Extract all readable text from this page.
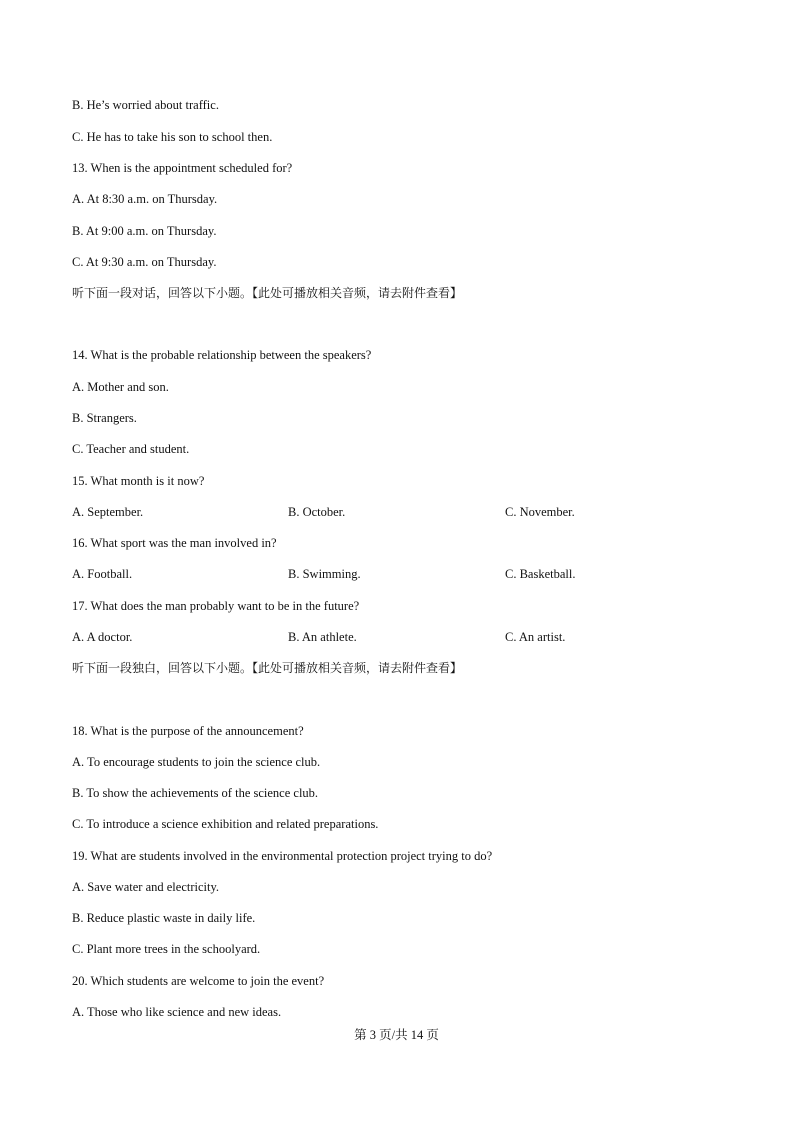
B. He’s worried about traffic.
C. He has to take his son to school then.
13. When is the appointment scheduled for?
A. At 8:30 a.m. on Thursday.
B. At 9:00 a.m. on Thursday.
C. At 9:30 a.m. on Thursday.
听下面一段对话，回答以下小题。【此处可播放相关音频，请去附件查看】
14. What is the probable relationship between the speakers?
A. Mother and son.
B. Strangers.
C. Teacher and student.
15. What month is it now?
A. September.	B. October.	C. November.
16. What sport was the man involved in?
A. Football.	B. Swimming.	C. Basketball.
17. What does the man probably want to be in the future?
A. A doctor.	B. An athlete.	C. An artist.
听下面一段独白，回答以下小题。【此处可播放相关音频，请去附件查看】
18. What is the purpose of the announcement?
A. To encourage students to join the science club.
B. To show the achievements of the science club.
C. To introduce a science exhibition and related preparations.
19. What are students involved in the environmental protection project trying to do?
A. Save water and electricity.
B. Reduce plastic waste in daily life.
C. Plant more trees in the schoolyard.
20. Which students are welcome to join the event?
A. Those who like science and new ideas.
第 3 页/共 14 页
